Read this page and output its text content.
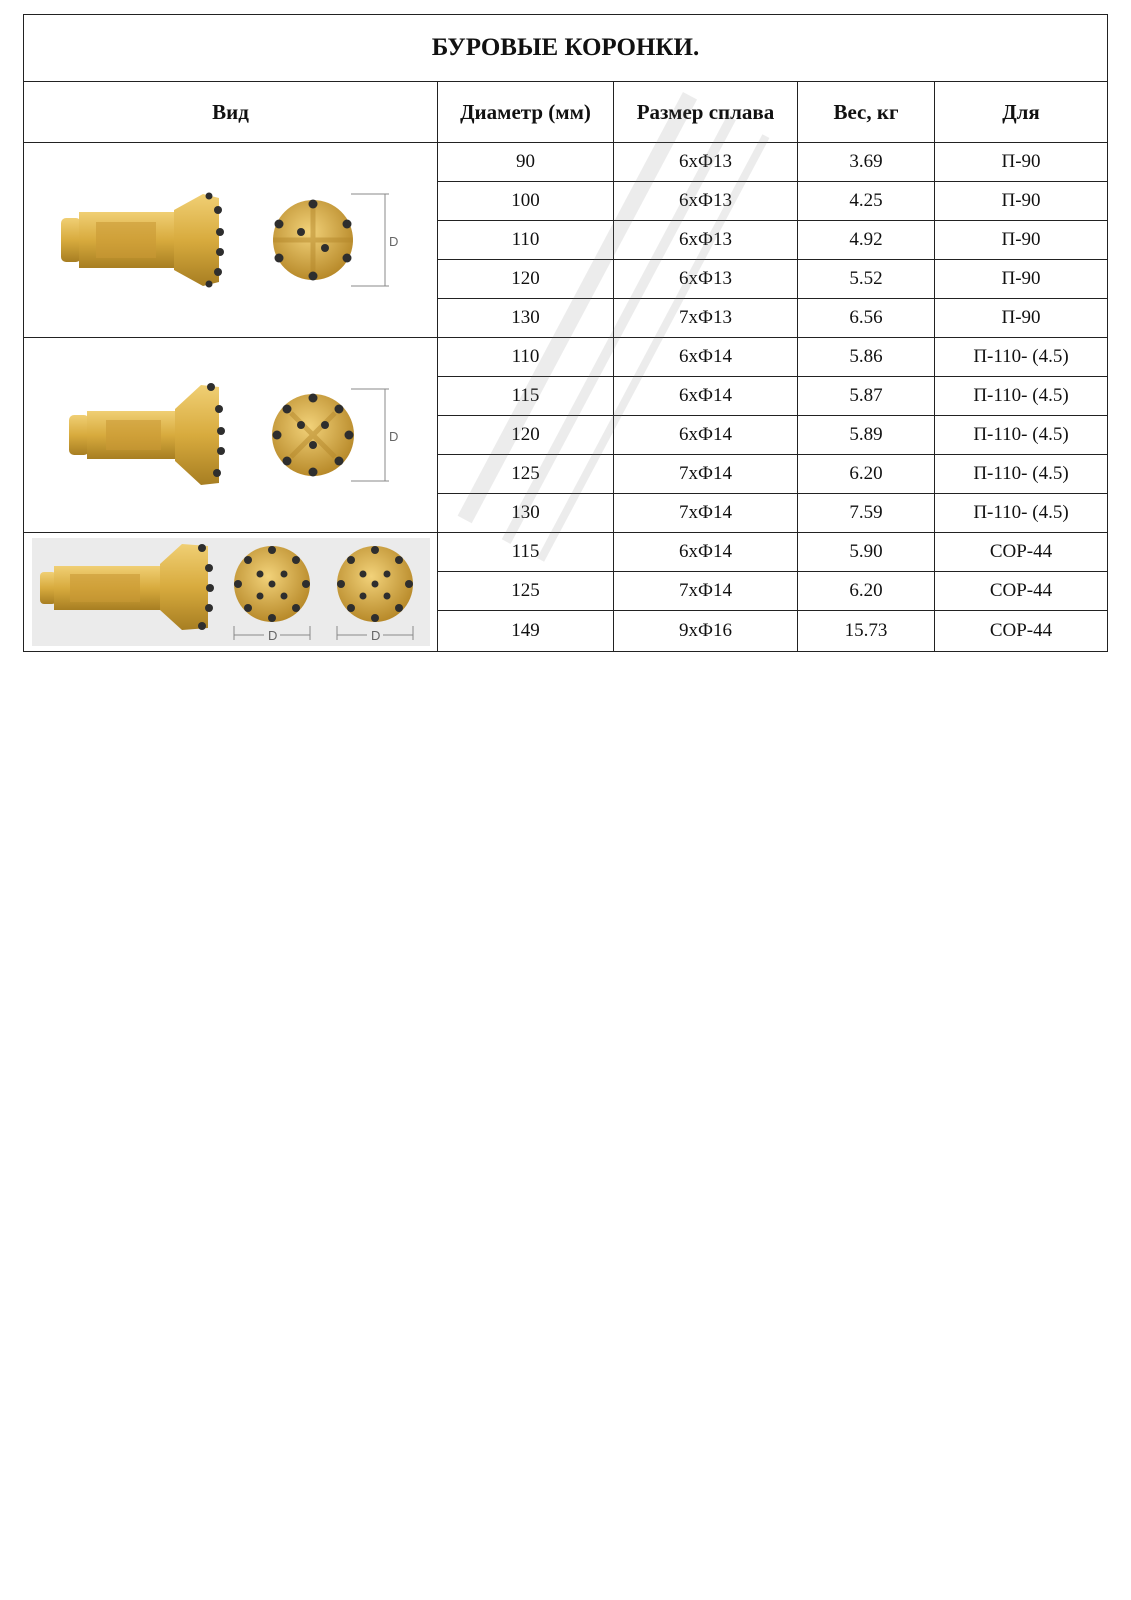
БУРОВЫЕ КОРОНКИ.				
Вид	Диаметр (мм)	Размер сплава	Вес, кг	Для

D	90	6хФ13	3.69	П-90
	100	6хФ13	4.25	П-90
	110	6хФ13	4.92	П-90
	120	6хФ13	5.52	П-90
	130	7хФ13	6.56	П-90

D	110	6хФ14	5.86	П-110- (4.5)
	115	6хФ14	5.87	П-110- (4.5)
	120	6хФ14	5.89	П-110- (4.5)
	125	7хФ14	6.20	П-110- (4.5)
	130	7хФ14	7.59	П-110- (4.5)

D D	115	6хФ14	5.90	COP-44
	125	7хФ14	6.20	COP-44
	149	9хФ16	15.73	COP-44
